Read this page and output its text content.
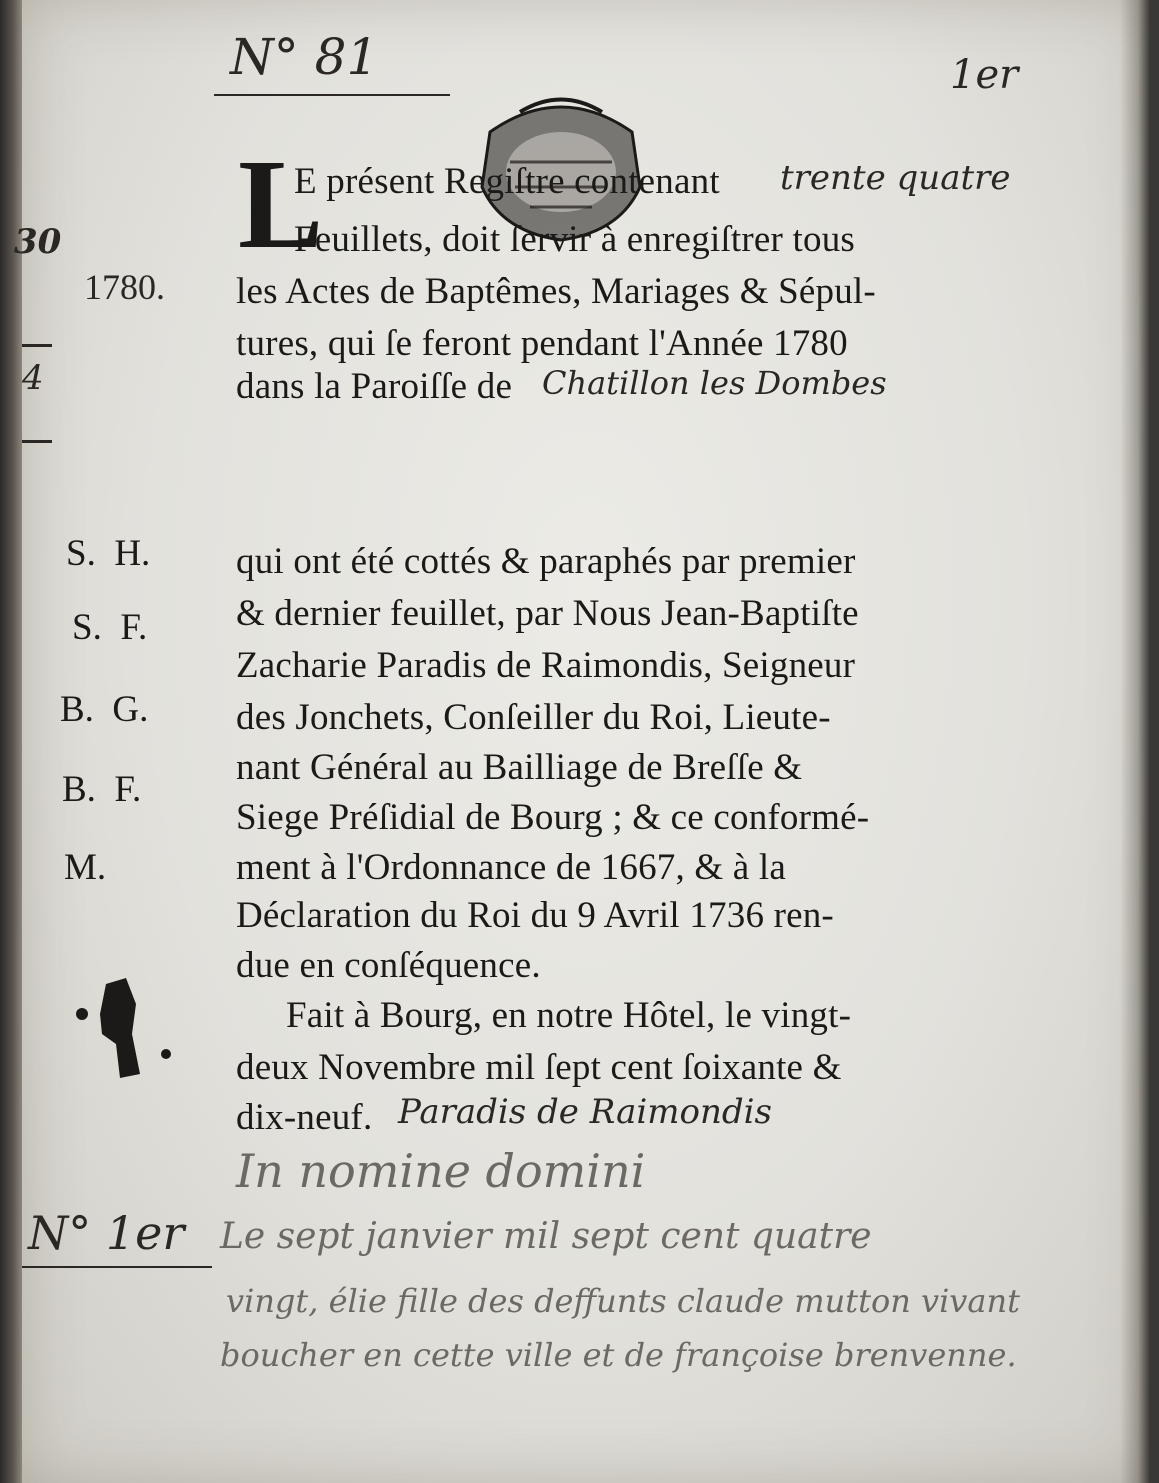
N° 81	1er
30
4
1780.
L
E présent Regiſtre contenant trente quatre
Feuillets, doit ſervir à enregiſtrer tous
les Actes de Baptêmes, Mariages & Sépul-
tures, qui ſe feront pendant l'Année 1780
dans la Paroiſſe de Chatillon les Dombes
S.  H.
S.  F.
B.  G.
B.  F.
M.
qui ont été cottés & paraphés par premier
& dernier feuillet, par Nous Jean-Baptiſte
Zacharie Paradis de Raimondis, Seigneur
des Jonchets, Conſeiller du Roi, Lieute-
nant Général au Bailliage de Breſſe &
Siege Préſidial de Bourg ; & ce conformé-
ment à l'Ordonnance de 1667, & à la
Déclaration du Roi du 9 Avril 1736 ren-
due en conſéquence.
Fait à Bourg, en notre Hôtel, le vingt-
deux Novembre mil ſept cent ſoixante &
dix-neuf. Paradis de Raimondis
In nomine domini
N° 1er Le sept janvier mil sept cent quatre
vingt, élie fille des deffunts claude mutton vivant
boucher en cette ville et de françoise brenvenne.
